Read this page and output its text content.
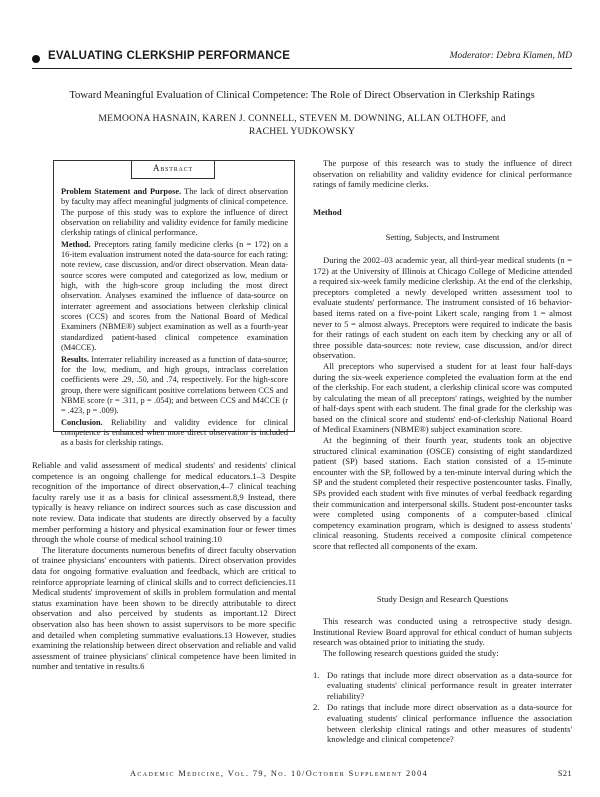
EVALUATING CLERKSHIP PERFORMANCE	Moderator: Debra Klamen, MD
Toward Meaningful Evaluation of Clinical Competence: The Role of Direct Observation in Clerkship Ratings
MEMOONA HASNAIN, KAREN J. CONNELL, STEVEN M. DOWNING, ALLAN OLTHOFF, and
RACHEL YUDKOWSKY
Abstract

Problem Statement and Purpose. The lack of direct observation by faculty may affect meaningful judgments of clinical competence. The purpose of this study was to explore the influence of direct observation on reliability and validity evidence for family medicine clerkship ratings of clinical performance.

Method. Preceptors rating family medicine clerks (n = 172) on a 16-item evaluation instrument noted the data-source for each rating: note review, case discussion, and/or direct observation. Mean data-source scores were computed and categorized as low, medium or high, with the high-score group including the most direct observation. Analyses examined the influence of data-source on interrater agreement and associations between clerkship clinical scores (CCS) and scores from the National Board of Medical Examiners (NBME®) subject examination as well as a fourth-year standardized patient-based clinical competence examination (M4CCE).

Results. Interrater reliability increased as a function of data-source; for the low, medium, and high groups, intraclass correlation coefficients were .29, .50, and .74, respectively. For the high-score group, there were significant positive correlations between CCS and NBME score (r = .311, p = .054); and between CCS and M4CCE (r = .423, p = .009).

Conclusion. Reliability and validity evidence for clinical competence is enhanced when more direct observation is included as a basis for clerkship ratings.

Reliable and valid assessment of medical students' and residents' clinical competence is an ongoing challenge for medical educators.1–3 Despite recognition of the importance of direct observation,4–7 clinical teaching faculty rarely use it as a basis for clinical assessment.8,9 Instead, there typically is heavy reliance on indirect sources such as case discussion and note review. Data indicate that students are directly observed by a faculty member performing a history and physical examination four or fewer times through the whole course of medical school training.10

The literature documents numerous benefits of direct faculty observation of trainee physicians' encounters with patients. Direct observation provides data for ongoing formative evaluation and feedback, which are critical to reinforce appropriate learning of clinical skills and to correct deficiencies.11 Medical students' improvement of skills in problem formulation and mental status examination have been shown to be directly attributable to direct observation and also perceived by students as important.12 Direct observation also has been shown to assist supervisors to be more specific and detailed when completing summative evaluations.13 However, studies examining the relationship between direct observation and reliable and valid assessment of trainee physicians' clinical competence have been limited in number and tentative in results.6

The purpose of this research was to study the influence of direct observation on reliability and validity evidence for clinical performance ratings of family medicine clerks.

Method
Setting, Subjects, and Instrument

During the 2002–03 academic year, all third-year medical students (n = 172) at the University of Illinois at Chicago College of Medicine attended a required six-week family medicine clerkship. At the end of the clerkship, preceptors completed a newly developed written assessment tool to evaluate students' performance. The instrument consisted of 16 behavior-based items rated on a five-point Likert scale, ranging from 1 = almost never to 5 = almost always. Preceptors were required to indicate the basis for their ratings of each student on each item by checking any or all of three possible data-sources: note review, case discussion, and/or direct observation.

All preceptors who supervised a student for at least four half-days during the six-week experience completed the evaluation form at the end of the clerkship. For each student, a clerkship clinical score was computed by calculating the mean of all preceptors' ratings, weighted by the number of half-days spent with each student. The final grade for the clerkship was based on the clinical score and students' end-of-clerkship National Board of Medical Examiners (NBME®) subject examination score.

At the beginning of their fourth year, students took an objective structured clinical examination (OSCE) consisting of eight standardized patient (SP) based stations. Each station consisted of a 15-minute encounter with the SP, followed by a ten-minute interval during which the SP and the student completed their respective postencounter tasks. Finally, SPs provided each student with five minutes of verbal feedback regarding their communication and interpersonal skills. Student post-encounter tasks were completed using components of a computer-based clinical competency examination program, which is designed to assess students' clinical reasoning. Students received a composite clinical competence score that reflected all components of the exam.

Study Design and Research Questions

This research was conducted using a retrospective study design. Institutional Review Board approval for ethical conduct of human subjects research was obtained prior to initiating the study.

The following research questions guided the study:

1. Do ratings that include more direct observation as a data-source for evaluating students' clinical performance result in greater interrater reliability?
2. Do ratings that include more direct observation as a data-source for evaluating students' clinical performance influence the association between clerkship clinical ratings and other measures of students' knowledge and clinical competence?
Academic Medicine, Vol. 79, No. 10/October Supplement 2004	S21
